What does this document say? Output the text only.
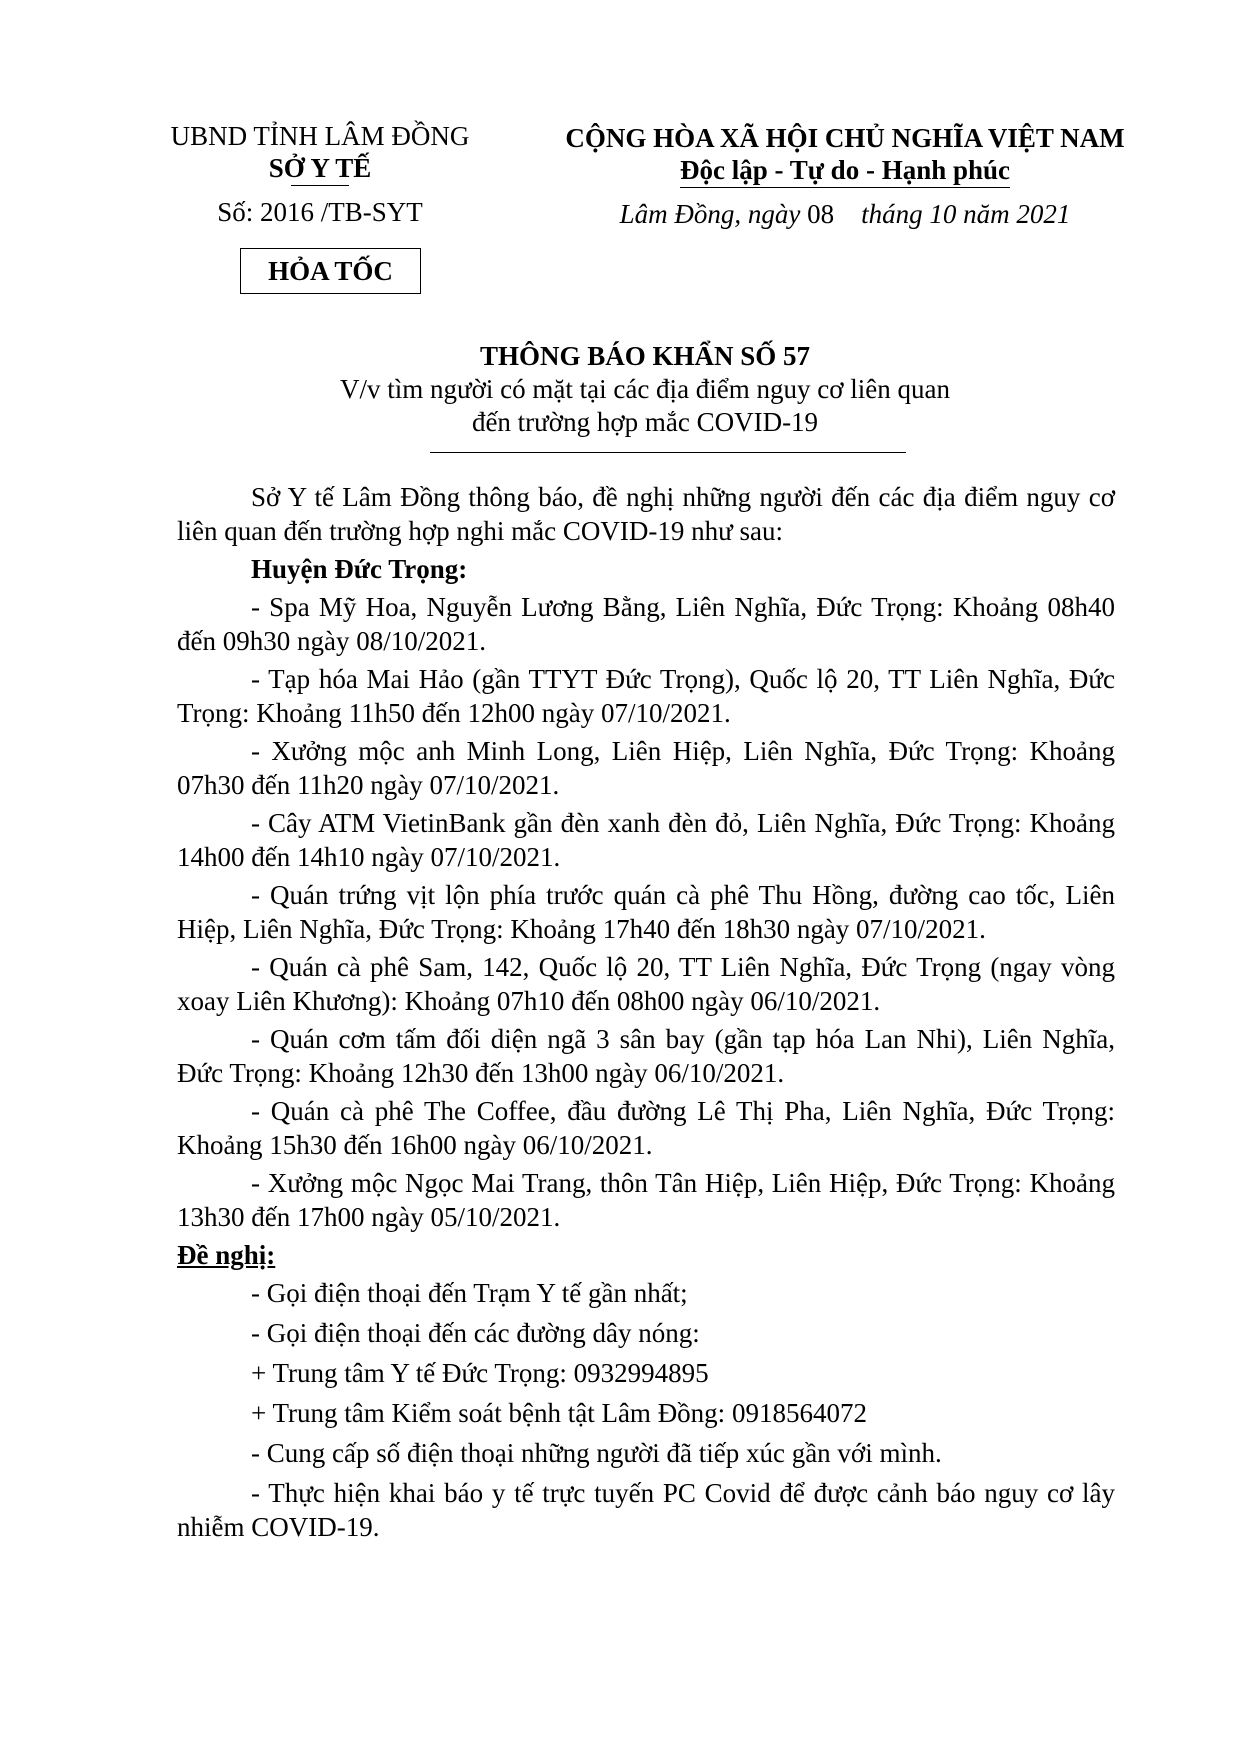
UBND TỈNH LÂM ĐỒNG
SỞ Y TẾ
Số: 2016 /TB-SYT
HỎA TỐC
CỘNG HÒA XÃ HỘI CHỦ NGHĨA VIỆT NAM
Độc lập - Tự do - Hạnh phúc
Lâm Đồng, ngày 08 tháng 10 năm 2021
THÔNG BÁO KHẨN SỐ 57
V/v tìm người có mặt tại các địa điểm nguy cơ liên quan
đến trường hợp mắc COVID-19

Sở Y tế Lâm Đồng thông báo, đề nghị những người đến các địa điểm nguy cơ liên quan đến trường hợp nghi mắc COVID-19 như sau:

Huyện Đức Trọng:

- Spa Mỹ Hoa, Nguyễn Lương Bằng, Liên Nghĩa, Đức Trọng: Khoảng 08h40 đến 09h30 ngày 08/10/2021.

- Tạp hóa Mai Hảo (gần TTYT Đức Trọng), Quốc lộ 20, TT Liên Nghĩa, Đức Trọng: Khoảng 11h50 đến 12h00 ngày 07/10/2021.

- Xưởng mộc anh Minh Long, Liên Hiệp, Liên Nghĩa, Đức Trọng: Khoảng 07h30 đến 11h20 ngày 07/10/2021.

- Cây ATM VietinBank gần đèn xanh đèn đỏ, Liên Nghĩa, Đức Trọng: Khoảng 14h00 đến 14h10 ngày 07/10/2021.

- Quán trứng vịt lộn phía trước quán cà phê Thu Hồng, đường cao tốc, Liên Hiệp, Liên Nghĩa, Đức Trọng: Khoảng 17h40 đến 18h30 ngày 07/10/2021.

- Quán cà phê Sam, 142, Quốc lộ 20, TT Liên Nghĩa, Đức Trọng (ngay vòng xoay Liên Khương): Khoảng 07h10 đến 08h00 ngày 06/10/2021.

- Quán cơm tấm đối diện ngã 3 sân bay (gần tạp hóa Lan Nhi), Liên Nghĩa, Đức Trọng: Khoảng 12h30 đến 13h00 ngày 06/10/2021.

- Quán cà phê The Coffee, đầu đường Lê Thị Pha, Liên Nghĩa, Đức Trọng: Khoảng 15h30 đến 16h00 ngày 06/10/2021.

- Xưởng mộc Ngọc Mai Trang, thôn Tân Hiệp, Liên Hiệp, Đức Trọng: Khoảng 13h30 đến 17h00 ngày 05/10/2021.

Đề nghị:
- Gọi điện thoại đến Trạm Y tế gần nhất;
- Gọi điện thoại đến các đường dây nóng:
+ Trung tâm Y tế Đức Trọng: 0932994895
+ Trung tâm Kiểm soát bệnh tật Lâm Đồng: 0918564072
- Cung cấp số điện thoại những người đã tiếp xúc gần với mình.

- Thực hiện khai báo y tế trực tuyến PC Covid để được cảnh báo nguy cơ lây nhiễm COVID-19.
